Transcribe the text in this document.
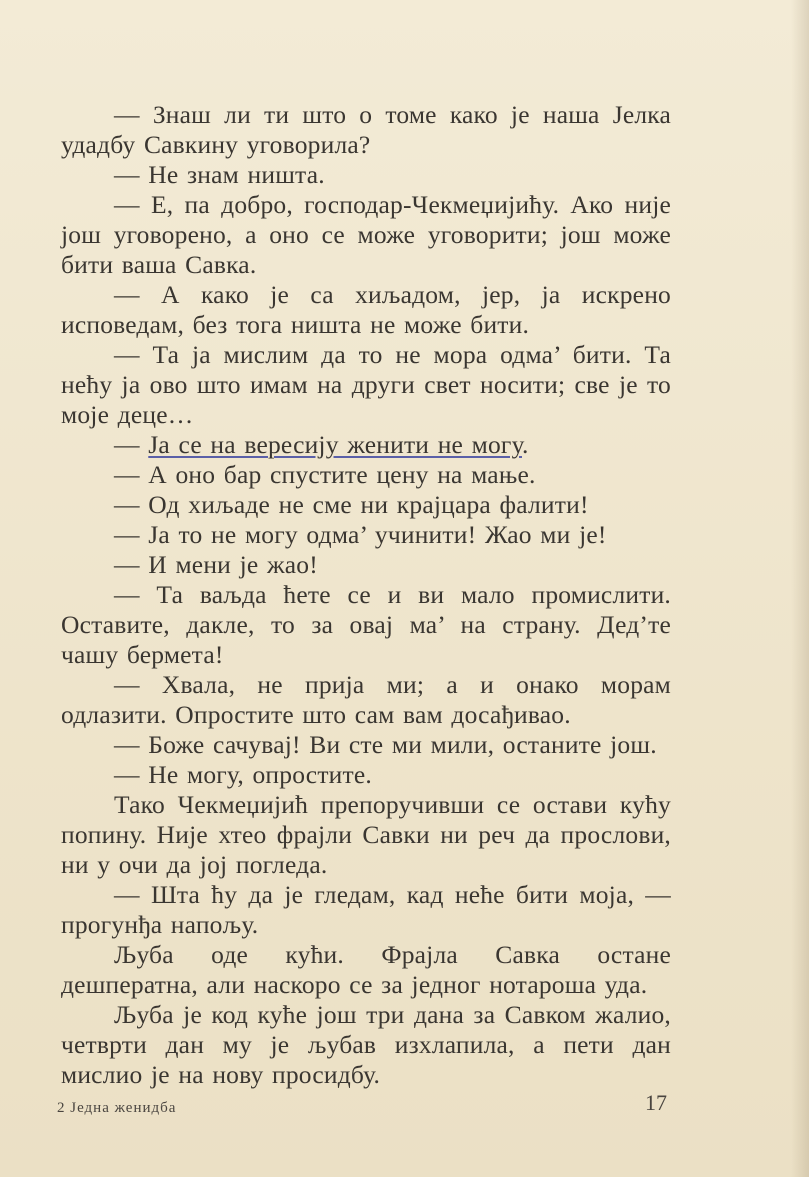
— Знаш ли ти што о томе како је наша Јелка удадбу Савкину уговорила?

— Не знам ништа.

— Е, па добро, господар-Чекмеџијићу. Ако није још уговорено, а оно се може уговорити; још може бити ваша Савка.

— А како је са хиљадом, јер, ја искрено исповедам, без тога ништа не може бити.

— Та ја мислим да то не мора одма’ бити. Та нећу ја ово што имам на други свет носити; све је то моје деце…

— Ја се на вересију женити не могу.

— А оно бар спустите цену на мање.

— Од хиљаде не сме ни крајцара фалити!

— Ја то не могу одма’ учинити! Жао ми је!

— И мени је жао!

— Та ваљда ћете се и ви мало промислити. Оставите, дакле, то за овај ма’ на страну. Дед’те чашу бермета!

— Хвала, не прија ми; а и онако морам одлазити. Опростите што сам вам досађивао.

— Боже сачувај! Ви сте ми мили, останите још.

— Не могу, опростите.

Тако Чекмеџијић препоручивши се остави кућу попину. Није хтео фрајли Савки ни реч да прослови, ни у очи да јој погледа.

— Шта ћу да је гледам, кад неће бити моја, — прогунђа напољу.

Љуба оде кући. Фрајла Савка остане дешператна, али наскоро се за једног нотароша уда.

Љуба је код куће још три дана за Савком жалио, четврти дан му је љубав изхлапила, а пети дан мислио је на нову просидбу.

2 Једна женидба	17
